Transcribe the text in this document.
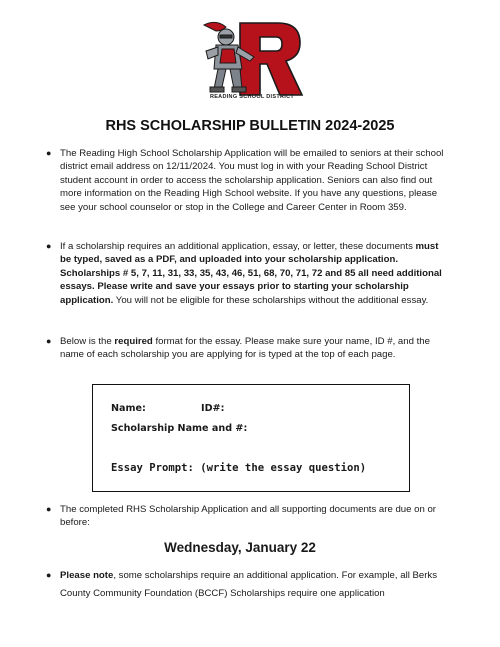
READING SCHOOL DISTRICT
RHS SCHOLARSHIP BULLETIN 2024-2025
● The Reading High School Scholarship Application will be emailed to seniors at their school district email address on 12/11/2024. You must log in with your Reading School District student account in order to access the scholarship application. Seniors can also find out more information on the Reading High School website. If you have any questions, please see your school counselor or stop in the College and Career Center in Room 359.
● If a scholarship requires an additional application, essay, or letter, these documents must be typed, saved as a PDF, and uploaded into your scholarship application. Scholarships # 5, 7, 11, 31, 33, 35, 43, 46, 51, 68, 70, 71, 72 and 85 all need additional essays. Please write and save your essays prior to starting your scholarship application. You will not be eligible for these scholarships without the additional essay.
● Below is the required format for the essay. Please make sure your name, ID #, and the name of each scholarship you are applying for is typed at the top of each page.
Name:	ID#:
Scholarship Name and #:
Essay Prompt: (write the essay question)
● The completed RHS Scholarship Application and all supporting documents are due on or before:
Wednesday, January 22
● Please note, some scholarships require an additional application. For example, all Berks County Community Foundation (BCCF) Scholarships require one application
